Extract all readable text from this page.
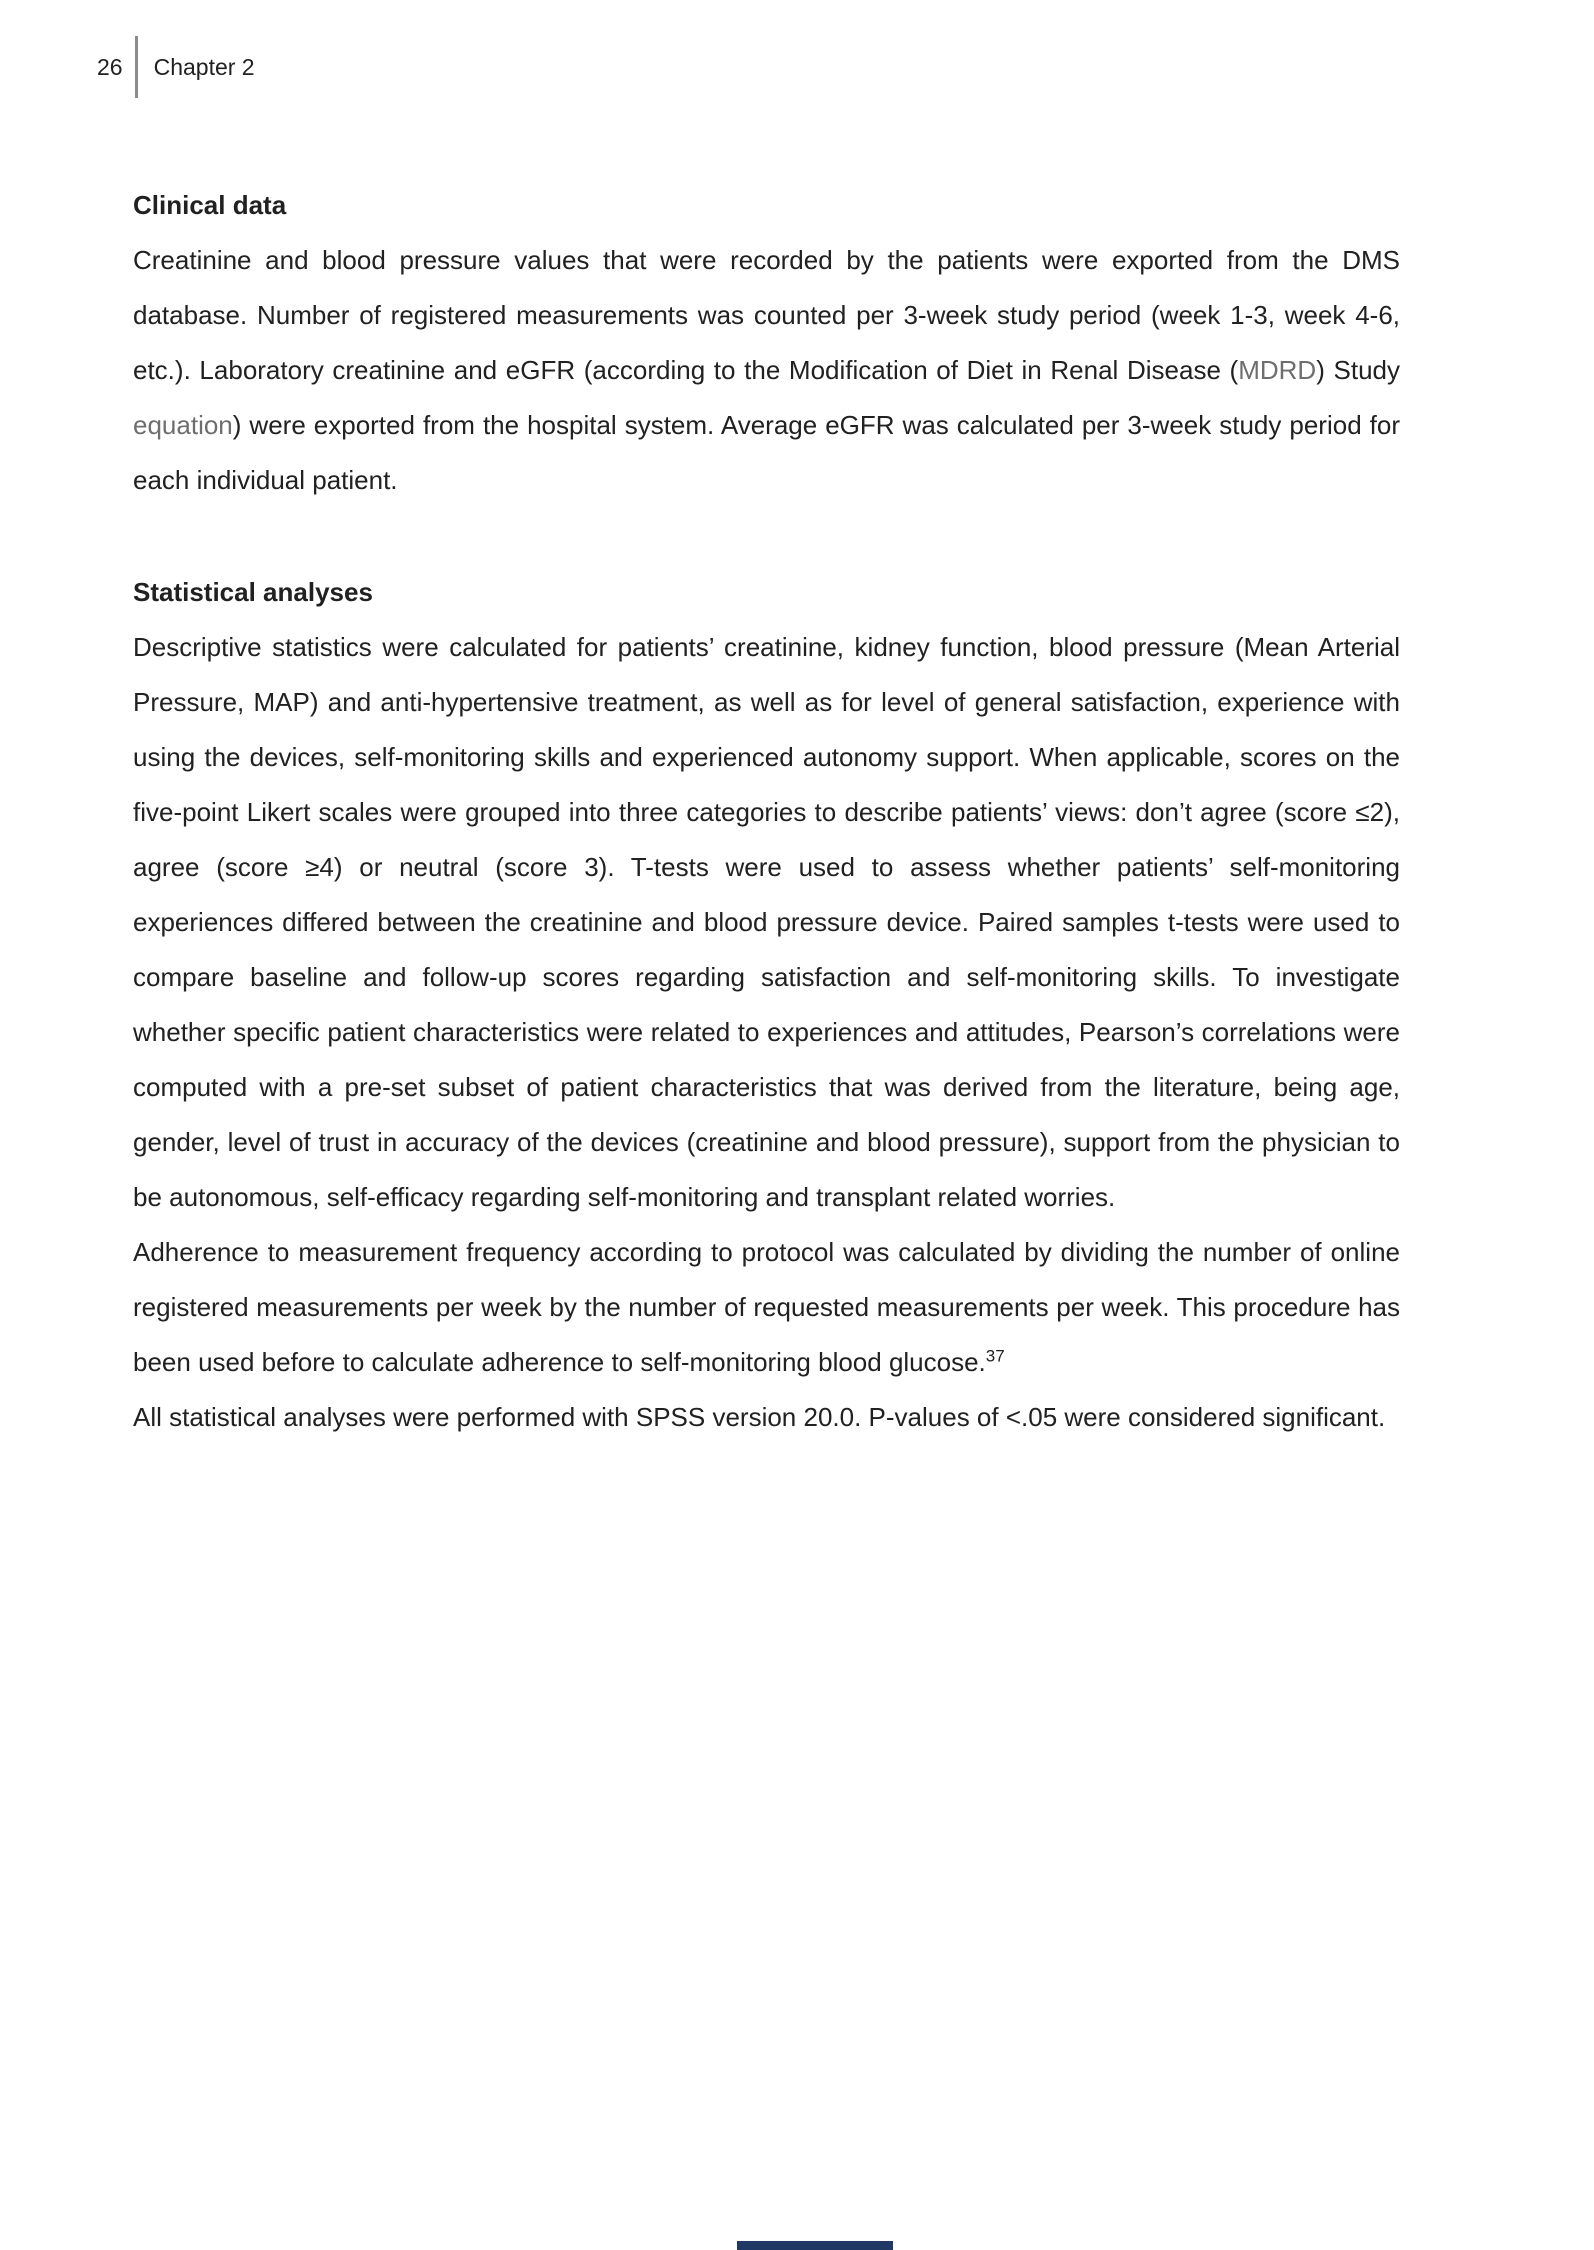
26 Chapter 2
Clinical data

Creatinine and blood pressure values that were recorded by the patients were exported from the DMS database. Number of registered measurements was counted per 3-week study period (week 1-3, week 4-6, etc.). Laboratory creatinine and eGFR (according to the Modification of Diet in Renal Disease (MDRD) Study equation) were exported from the hospital system. Average eGFR was calculated per 3-week study period for each individual patient.

Statistical analyses

Descriptive statistics were calculated for patients’ creatinine, kidney function, blood pressure (Mean Arterial Pressure, MAP) and anti-hypertensive treatment, as well as for level of general satisfaction, experience with using the devices, self-monitoring skills and experienced autonomy support. When applicable, scores on the five-point Likert scales were grouped into three categories to describe patients’ views: don’t agree (score ≤2), agree (score ≥4) or neutral (score 3). T-tests were used to assess whether patients’ self-monitoring experiences differed between the creatinine and blood pressure device. Paired samples t-tests were used to compare baseline and follow-up scores regarding satisfaction and self-monitoring skills. To investigate whether specific patient characteristics were related to experiences and attitudes, Pearson’s correlations were computed with a pre-set subset of patient characteristics that was derived from the literature, being age, gender, level of trust in accuracy of the devices (creatinine and blood pressure), support from the physician to be autonomous, self-efficacy regarding self-monitoring and transplant related worries.

Adherence to measurement frequency according to protocol was calculated by dividing the number of online registered measurements per week by the number of requested measurements per week. This procedure has been used before to calculate adherence to self-monitoring blood glucose.$^{37}$

All statistical analyses were performed with SPSS version 20.0. P-values of <.05 were considered significant.
